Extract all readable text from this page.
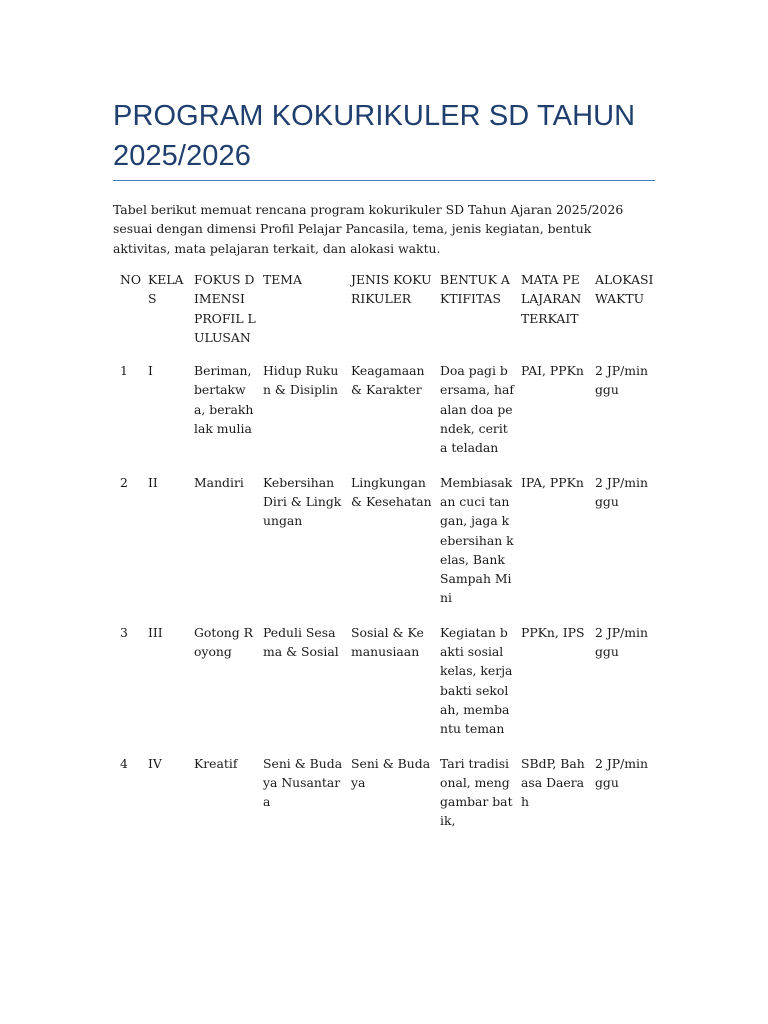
PROGRAM KOKURIKULER SD TAHUN 2025/2026

Tabel berikut memuat rencana program kokurikuler SD Tahun Ajaran 2025/2026 sesuai dengan dimensi Profil Pelajar Pancasila, tema, jenis kegiatan, bentuk aktivitas, mata pelajaran terkait, dan alokasi waktu.

NO	KELAS	FOKUS DIMENSI PROFIL LULUSAN	TEMA	JENIS KOKURIKULER	BENTUK AKTIFITAS	MATA PELAJARAN TERKAIT	ALOKASI WAKTU
1	I	Beriman, bertakwa, berakhlak mulia	Hidup Rukun & Disiplin	Keagamaan & Karakter	Doa pagi bersama, hafalan doa pendek, cerita teladan	PAI, PPKn	2 JP/minggu
2	II	Mandiri	Kebersihan Diri & Lingkungan	Lingkungan & Kesehatan	Membiasakan cuci tangan, jaga kebersihan kelas, Bank Sampah Mini	IPA, PPKn	2 JP/minggu
3	III	Gotong Royong	Peduli Sesama & Sosial	Sosial & Kemanusiaan	Kegiatan bakti sosial kelas, kerja bakti sekolah, membantu teman	PPKn, IPS	2 JP/minggu
4	IV	Kreatif	Seni & Budaya Nusantara	Seni & Budaya	Tari tradisional, menggambar batik,	SBdP, Bahasa Daerah	2 JP/minggu
